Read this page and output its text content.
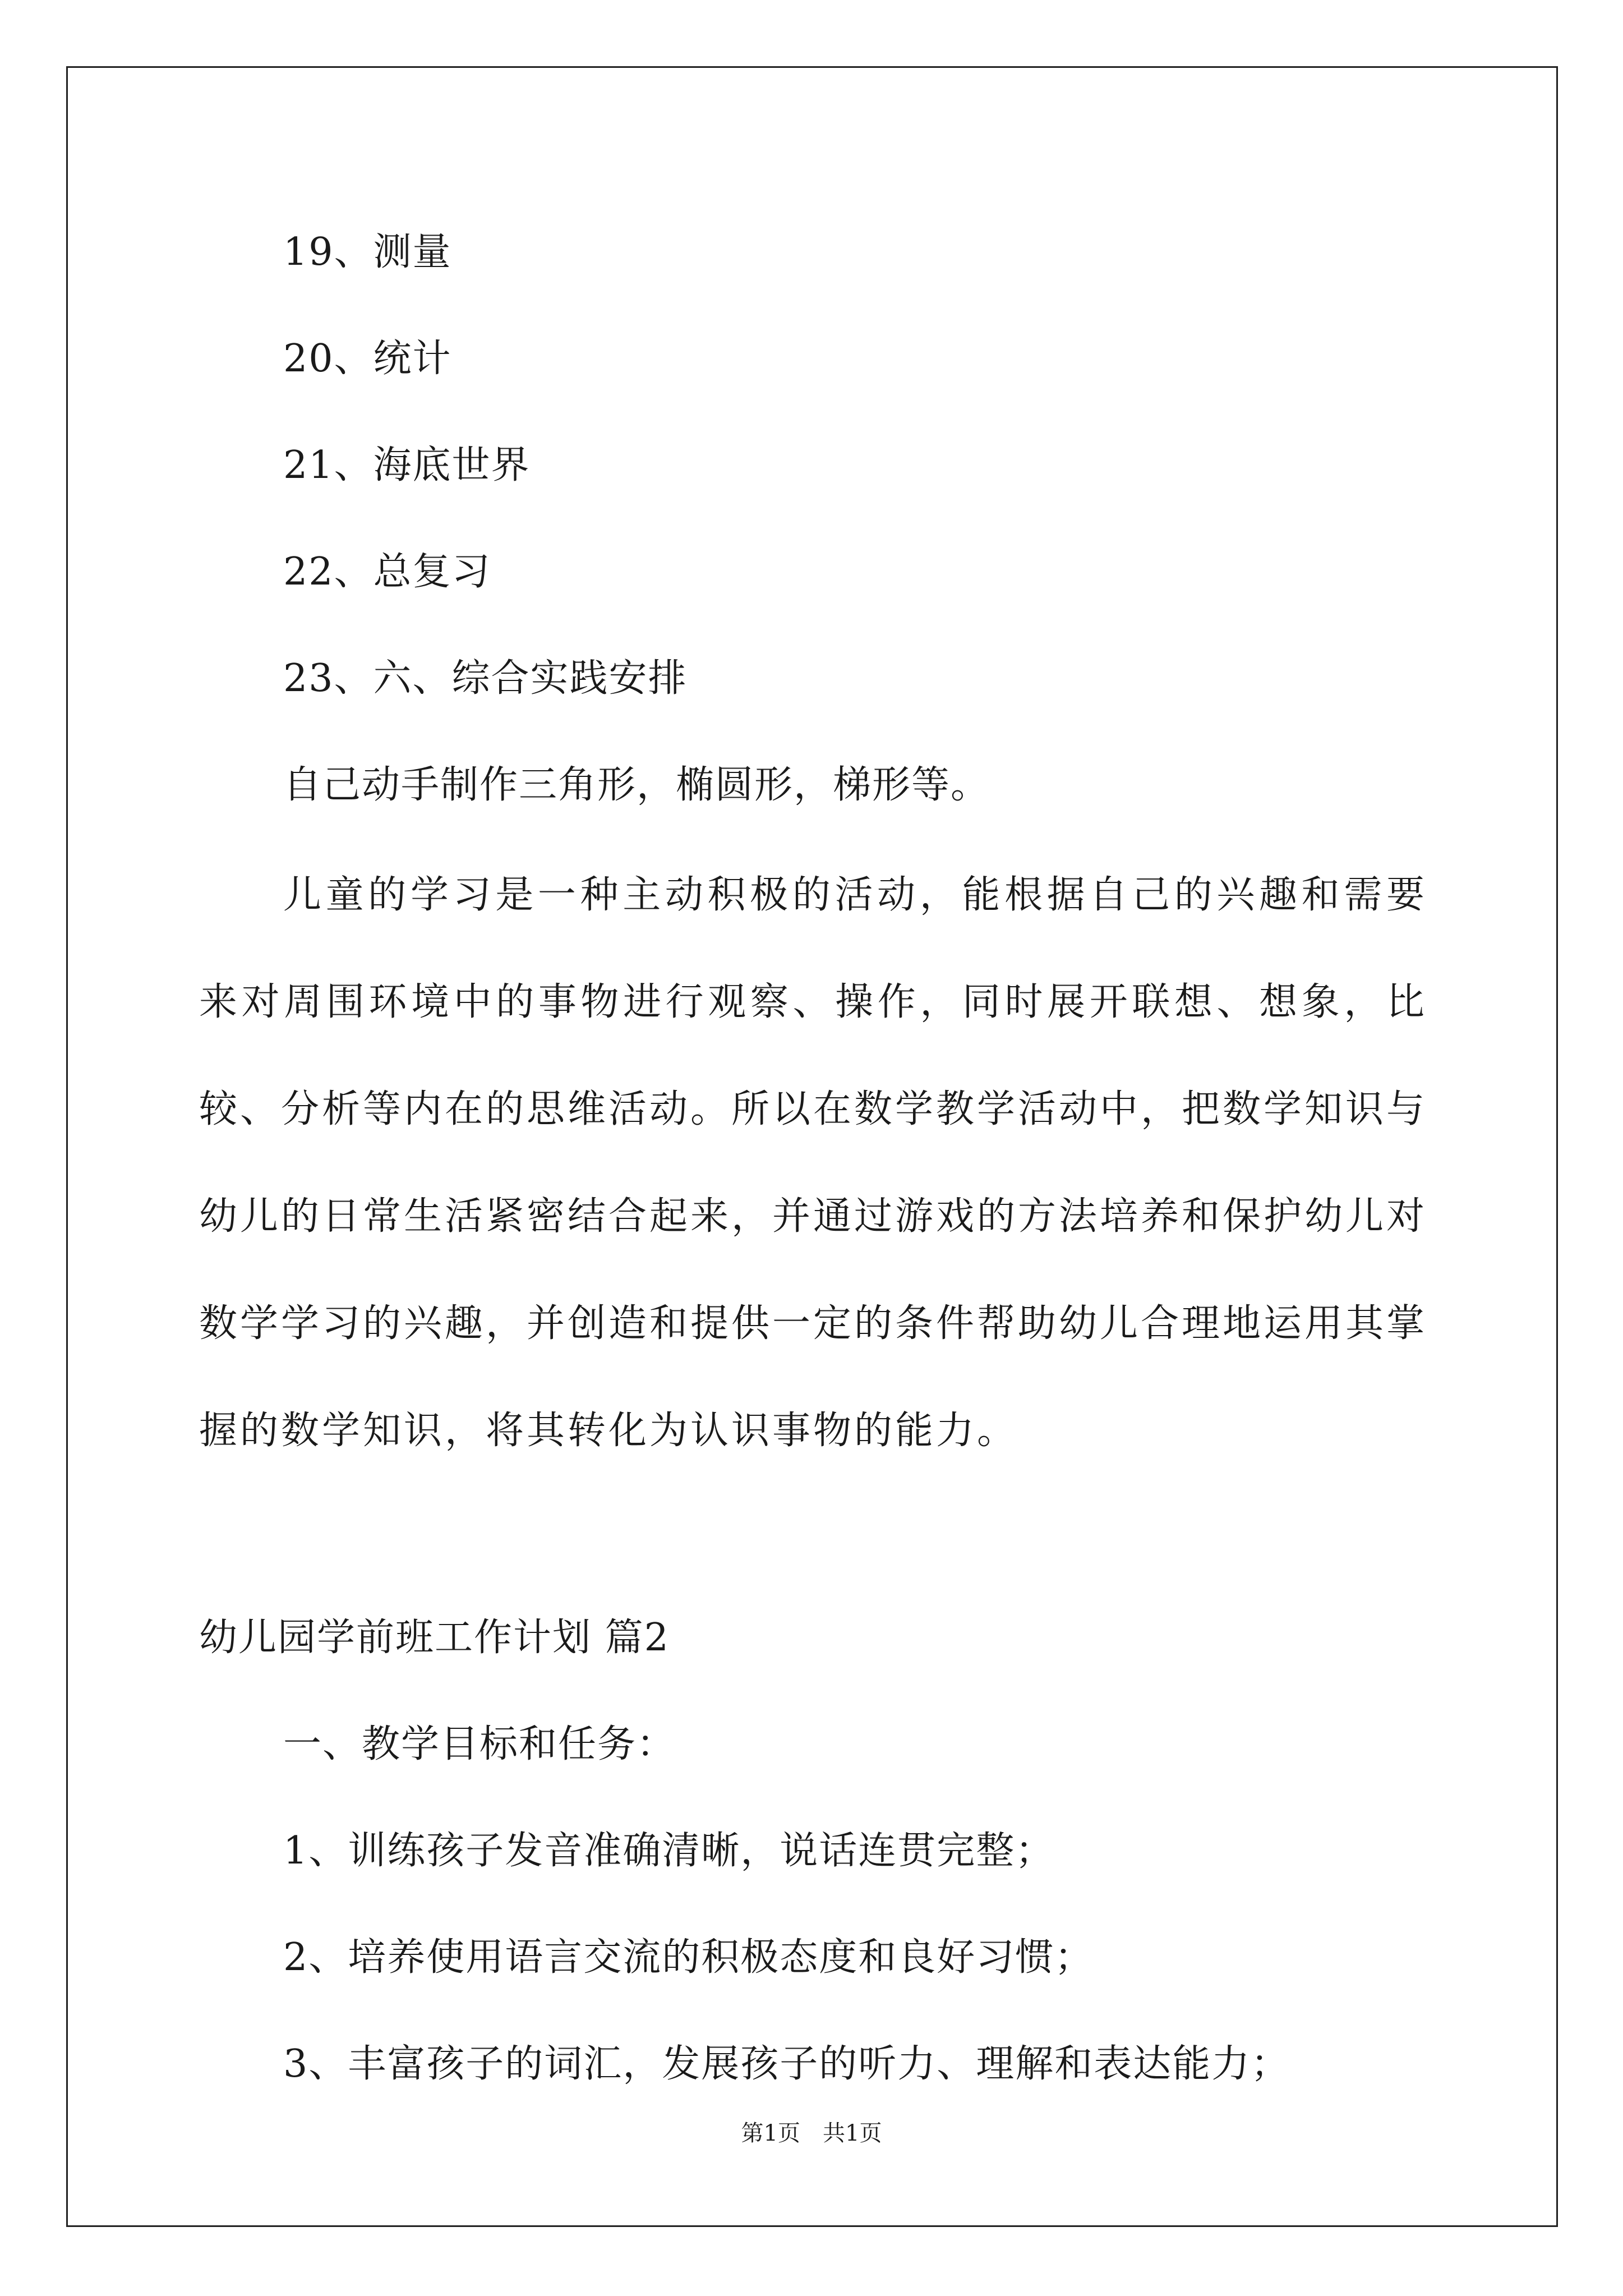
19、测量
20、统计
21、海底世界
22、总复习
23、六、综合实践安排
自己动手制作三角形，椭圆形，梯形等。
儿童的学习是一种主动积极的活动，能根据自己的兴趣和需要来对周围环境中的事物进行观察、操作，同时展开联想、想象，比较、分析等内在的思维活动。所以在数学教学活动中，把数学知识与幼儿的日常生活紧密结合起来，并通过游戏的方法培养和保护幼儿对数学学习的兴趣，并创造和提供一定的条件帮助幼儿合理地运用其掌握的数学知识，将其转化为认识事物的能力。
幼儿园学前班工作计划 篇2
一、教学目标和任务：
1、训练孩子发音准确清晰，说话连贯完整；
2、培养使用语言交流的积极态度和良好习惯；
3、丰富孩子的词汇，发展孩子的听力、理解和表达能力；
第1页　共1页
